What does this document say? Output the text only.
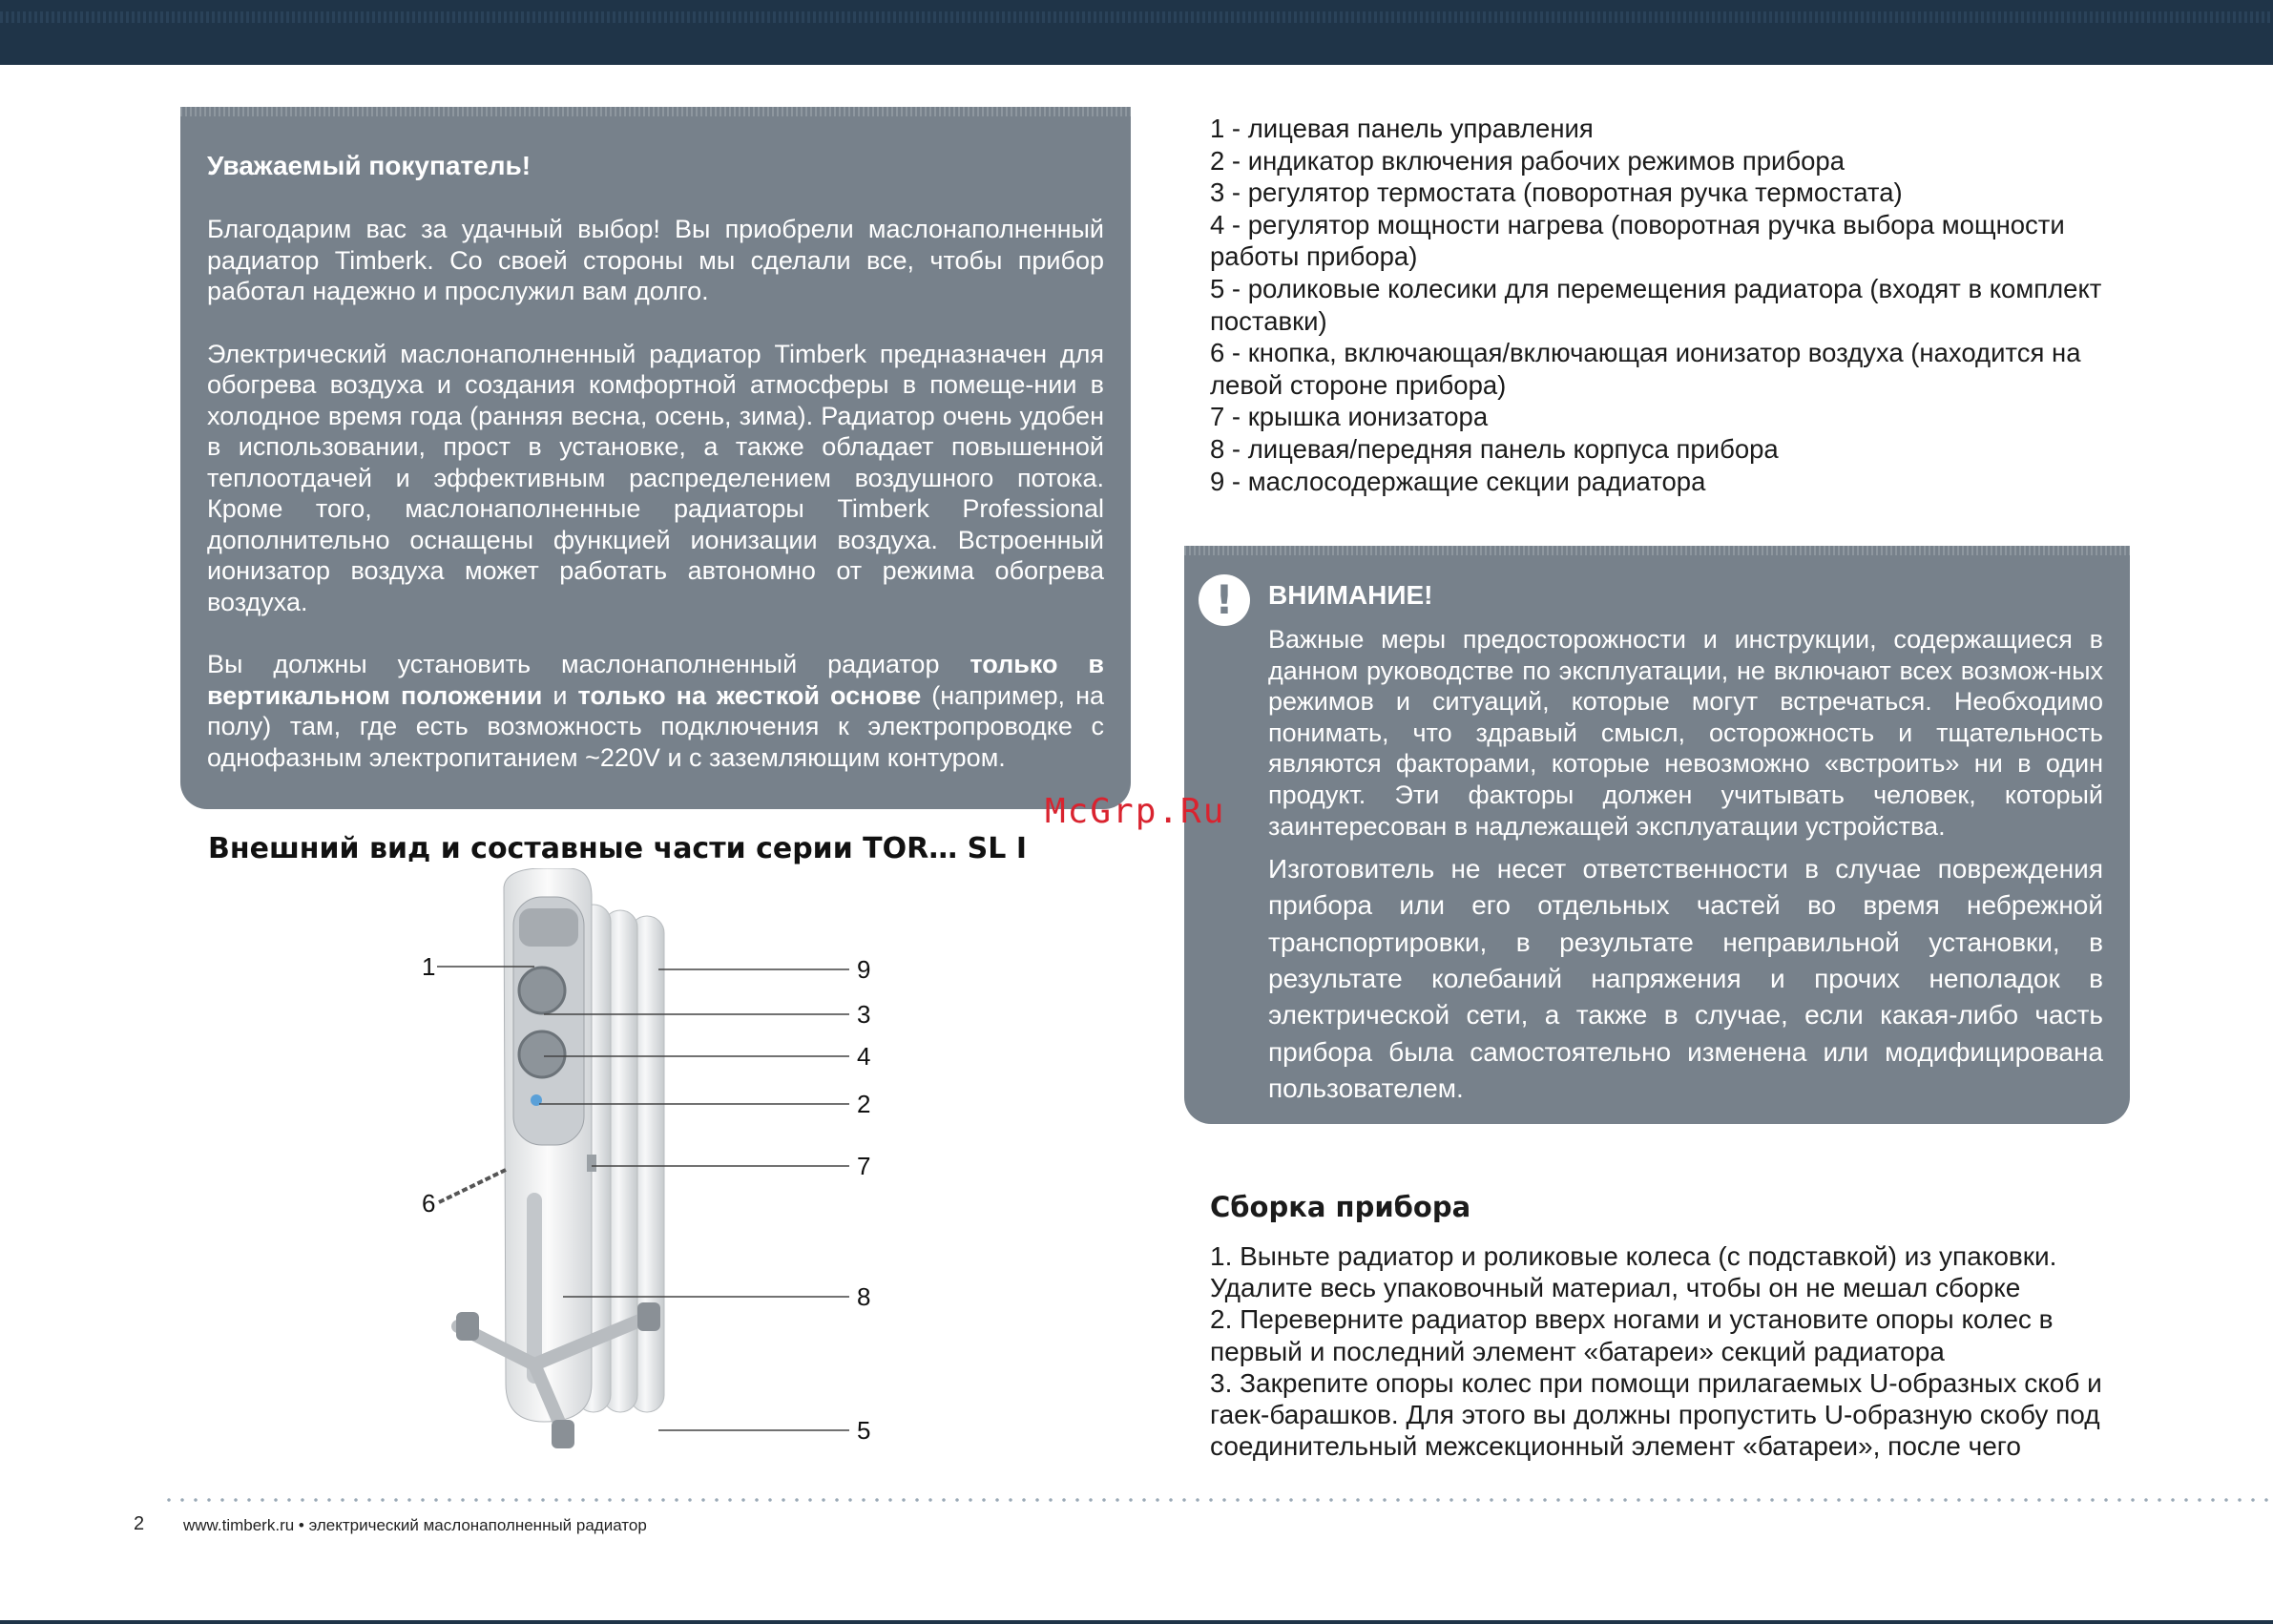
Уважаемый покупатель!

Благодарим вас за удачный выбор! Вы приобрели маслонаполненный радиатор Timberk. Со своей стороны мы сделали все, чтобы прибор работал надежно и прослужил вам долго.

Электрический маслонаполненный радиатор Timberk предназначен для обогрева воздуха и создания комфортной атмосферы в помеще-нии в холодное время года (ранняя весна, осень, зима). Радиатор очень удобен в использовании, прост в установке, а также обладает повышенной теплоотдачей и эффективным распределением воздушного потока. Кроме того, маслонаполненные радиаторы Timberk Professional дополнительно оснащены функцией ионизации воздуха. Встроенный ионизатор воздуха может работать автономно от режима обогрева воздуха.

Вы должны установить маслонаполненный радиатор только в вертикальном положении и только на жесткой основе (например, на полу) там, где есть возможность подключения к электропроводке с однофазным электропитанием ~220V и с заземляющим контуром.

Внешний вид и составные части серии TOR… SL I
1	9
3
4
2
7
6
8
5
1 - лицевая панель управления
2 - индикатор включения рабочих режимов прибора
3 - регулятор термостата (поворотная ручка термостата)
4 - регулятор мощности нагрева (поворотная ручка выбора мощности работы прибора)
5 - роликовые колесики для перемещения радиатора (входят в комплект поставки)
6 - кнопка, включающая/включающая ионизатор воздуха (находится на левой стороне прибора)
7 - крышка ионизатора
8 - лицевая/передняя панель корпуса прибора
9 - маслосодержащие секции радиатора
!	ВНИМАНИЕ!

Важные меры предосторожности и инструкции, содержащиеся в данном руководстве по эксплуатации, не включают всех возмож-ных режимов и ситуаций, которые могут встречаться. Необходимо понимать, что здравый смысл, осторожность и тщательность являются факторами, которые невозможно «встроить» ни в один продукт. Эти факторы должен учитывать человек, который заинтересован в надлежащей эксплуатации устройства.

Изготовитель не несет ответственности в случае повреждения прибора или его отдельных частей во время небрежной транспортировки, в результате неправильной установки, в результате колебаний напряжения и прочих неполадок в электрической сети, а также в случае, если какая-либо часть прибора была самостоятельно изменена или модифицирована пользователем.

McGrp.Ru
Сборка прибора
1. Выньте радиатор и роликовые колеса (с подставкой) из упаковки. Удалите весь упаковочный материал, чтобы он не мешал сборке
2. Переверните радиатор вверх ногами и установите опоры колес в первый и последний элемент «батареи» секций радиатора
3. Закрепите опоры колес при помощи прилагаемых U-образных скоб и гаек-барашков. Для этого вы должны пропустить U-образную скобу под соединительный межсекционный элемент «батареи», после чего
2 www.timberk.ru • электрический маслонаполненный радиатор
